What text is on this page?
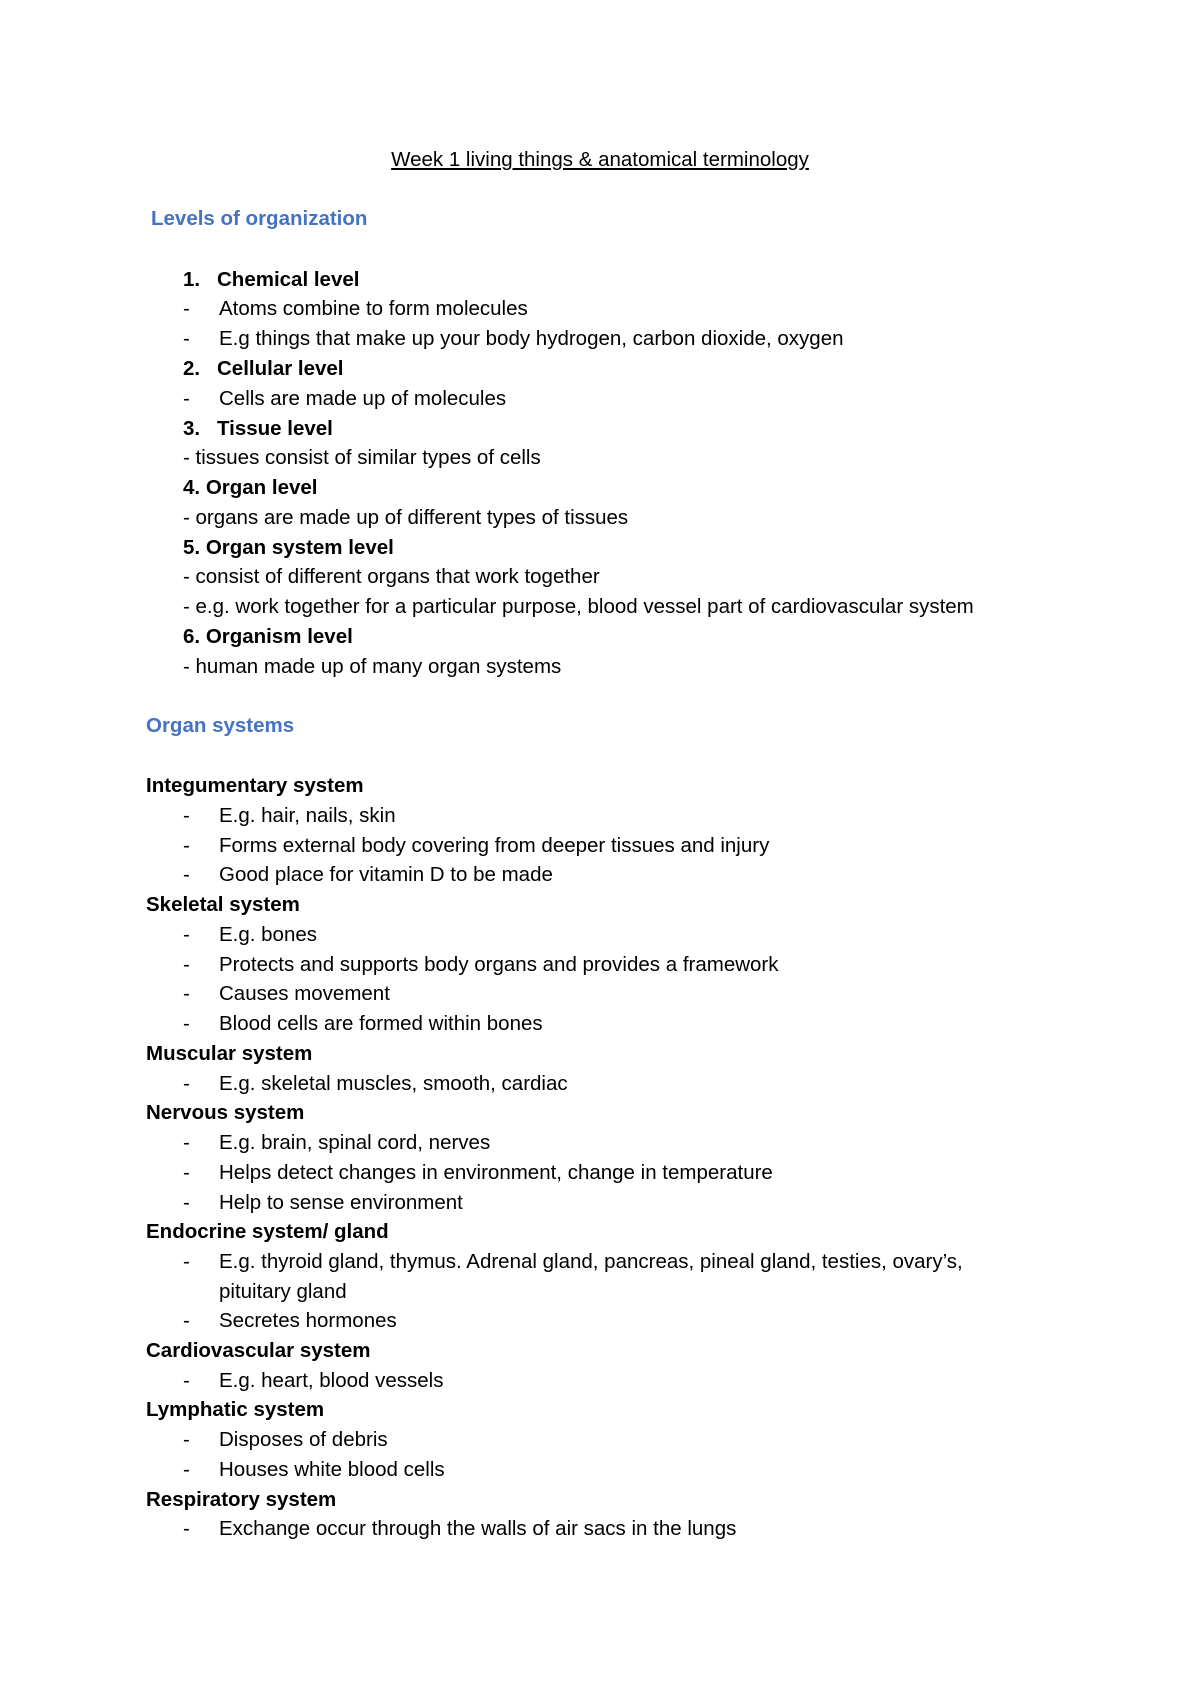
Week 1 living things & anatomical terminology
Levels of organization
1. Chemical level
- Atoms combine to form molecules
- E.g things that make up your body hydrogen, carbon dioxide, oxygen
2. Cellular level
- Cells are made up of molecules
3. Tissue level
- tissues consist of similar types of cells
4. Organ level
- organs are made up of different types of tissues
5. Organ system level
- consist of different organs that work together
- e.g. work together for a particular purpose, blood vessel part of cardiovascular system
6. Organism level
- human made up of many organ systems
Organ systems
Integumentary system
- E.g. hair, nails, skin
- Forms external body covering from deeper tissues and injury
- Good place for vitamin D to be made
Skeletal system
- E.g. bones
- Protects and supports body organs and provides a framework
- Causes movement
- Blood cells are formed within bones
Muscular system
- E.g. skeletal muscles, smooth, cardiac
Nervous system
- E.g. brain, spinal cord, nerves
- Helps detect changes in environment, change in temperature
- Help to sense environment
Endocrine system/ gland
- E.g. thyroid gland, thymus. Adrenal gland, pancreas, pineal gland, testies, ovary’s,
pituitary gland
- Secretes hormones
Cardiovascular system
- E.g. heart, blood vessels
Lymphatic system
- Disposes of debris
- Houses white blood cells
Respiratory system
- Exchange occur through the walls of air sacs in the lungs
